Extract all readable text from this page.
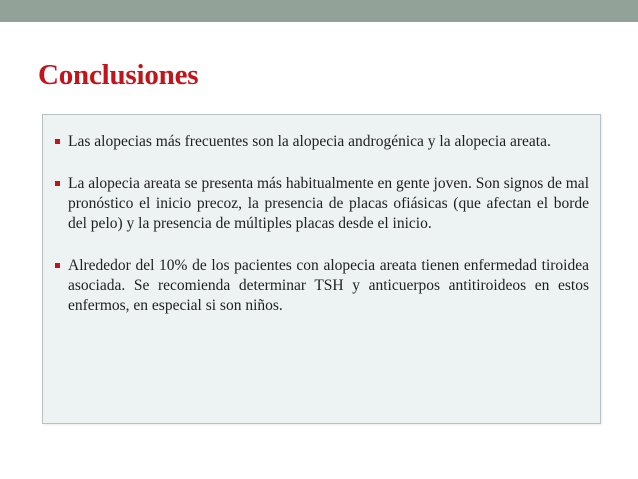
Conclusiones
Las alopecias más frecuentes son la alopecia androgénica y la alopecia areata.
La alopecia areata se presenta más habitualmente en gente joven. Son signos de mal pronóstico el inicio precoz, la presencia de placas ofiásicas (que afectan el borde del pelo) y la presencia de múltiples placas desde el inicio.
Alrededor del 10% de los pacientes con alopecia areata tienen enfermedad tiroidea asociada. Se recomienda determinar TSH y anticuerpos antitiroideos en estos enfermos, en especial si son niños.
